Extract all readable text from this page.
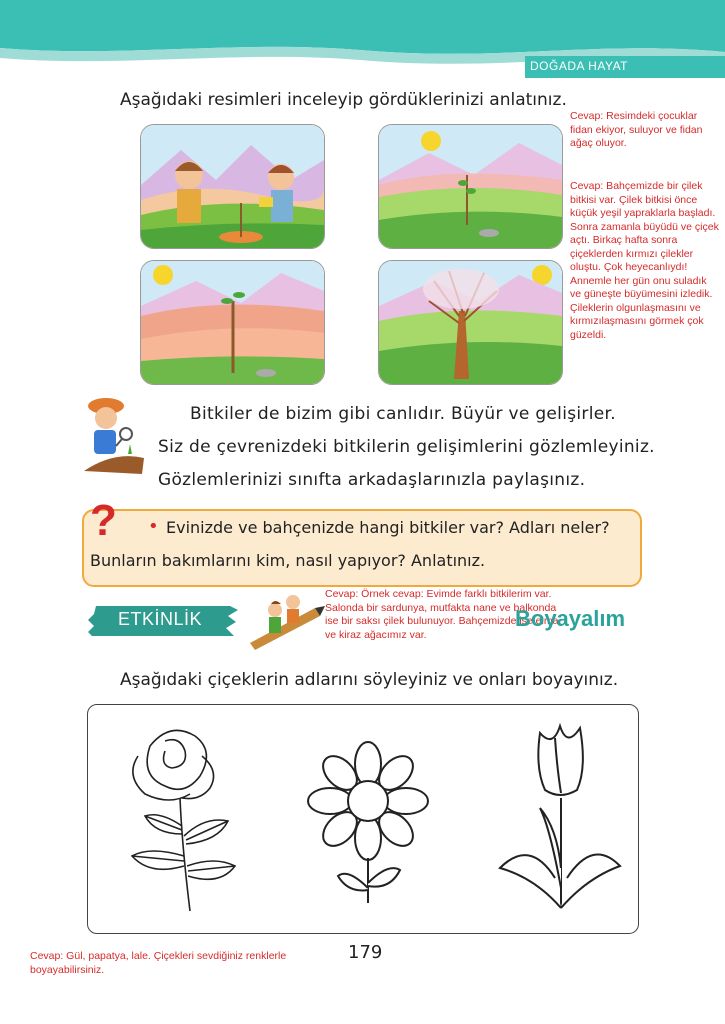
DOĞADA HAYAT
Aşağıdaki resimleri inceleyip gördüklerinizi anlatınız.
Cevap: Resimdeki çocuklar fidan ekiyor, suluyor ve fidan ağaç oluyor.
Cevap: Bahçemizde bir çilek bitkisi var. Çilek bitkisi önce küçük yeşil yapraklarla başladı. Sonra zamanla büyüdü ve çiçek açtı. Birkaç hafta sonra çiçeklerden kırmızı çilekler oluştu. Çok heyecanlıydı! Annemle her gün onu suladık ve güneşte büyümesini izledik. Çileklerin olgunlaşmasını ve kırmızılaşmasını görmek çok güzeldi.
Bitkiler de bizim gibi canlıdır. Büyür ve gelişirler.
Siz de çevrenizdeki bitkilerin gelişimlerini gözlemleyiniz.
Gözlemlerinizi sınıfta arkadaşlarınızla paylaşınız.
? • Evinizde ve bahçenizde hangi bitkiler var? Adları neler?
Bunların bakımlarını kim, nasıl yapıyor? Anlatınız.
ETKİNLİK
Cevap: Örnek cevap: Evimde farklı bitkilerim var. Salonda bir sardunya, mutfakta nane ve balkonda ise bir saksı çilek bulunuyor. Bahçemizde ise elma ve kiraz ağacımız var.
Boyayalım
Aşağıdaki çiçeklerin adlarını söyleyiniz ve onları boyayınız.
Cevap: Gül, papatya, lale. Çiçekleri sevdiğiniz renklerle boyayabilirsiniz.
179
